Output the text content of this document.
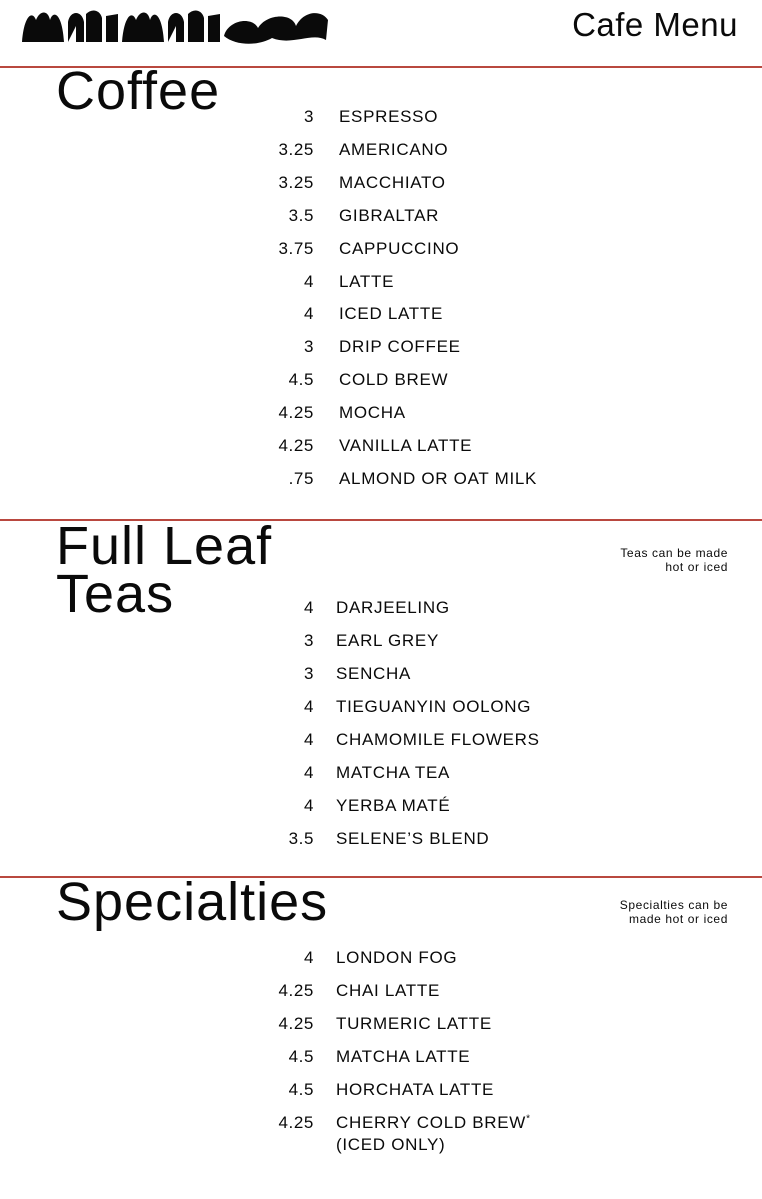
MUIMUIS	Cafe Menu
Coffee
Full Leaf
Teas
Specialties
Teas can be made
hot or iced
Specialties can be
made hot or iced
3 ESPRESSO
3.25 AMERICANO
3.25 MACCHIATO
3.5 GIBRALTAR
3.75 CAPPUCCINO
4 LATTE
4 ICED LATTE
3 DRIP COFFEE
4.5 COLD BREW
4.25 MOCHA
4.25 VANILLA LATTE
.75 ALMOND OR OAT MILK
4 DARJEELING
3 EARL GREY
3 SENCHA
4 TIEGUANYIN OOLONG
4 CHAMOMILE FLOWERS
4 MATCHA TEA
4 YERBA MATÉ
3.5 SELENE’S BLEND
4 LONDON FOG
4.25 CHAI LATTE
4.25 TURMERIC LATTE
4.5 MATCHA LATTE
4.5 HORCHATA LATTE
4.25 CHERRY COLD BREW*
(ICED ONLY)
